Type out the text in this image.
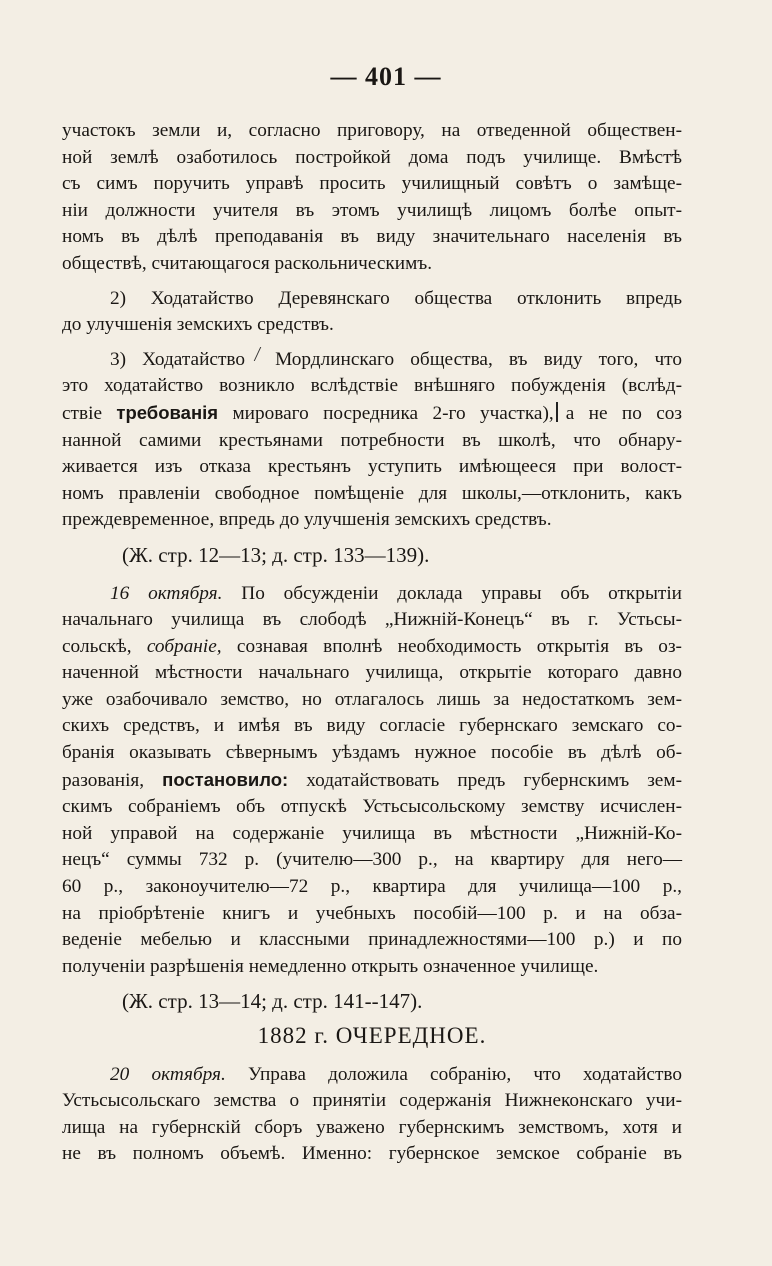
— 401 —
участокъ земли и, согласно приговору, на отведенной обществен-
ной землѣ озаботилось постройкой дома подъ училище. Вмѣстѣ
съ симъ поручить управѣ просить училищный совѣтъ о замѣще-
ніи должности учителя въ этомъ училищѣ лицомъ болѣе опыт-
номъ въ дѣлѣ преподаванія въ виду значительнаго населенія въ
обществѣ, считающагося раскольническимъ.
2) Ходатайство Деревянскаго общества отклонить впредь
до улучшенія земскихъ средствъ.
3) Ходатайство Мордлинскаго общества, въ виду того, что
это ходатайство возникло вслѣдствіе внѣшняго побужденія (вслѣд-
ствіе требованія мироваго посредника 2-го участка), а не по соз
нанной самими крестьянами потребности въ школѣ, что обнару-
живается изъ отказа крестьянъ уступить имѣющееся при волост-
номъ правленіи свободное помѣщеніе для школы,—отклонить, какъ
преждевременное, впредь до улучшенія земскихъ средствъ.
(Ж. стр. 12—13; д. стр. 133—139).
16 октября. По обсужденіи доклада управы объ открытіи
начальнаго училища въ слободѣ „Нижній-Конецъ“ въ г. Устьсы-
сольскѣ, собраніе, сознавая вполнѣ необходимость открытія въ оз-
наченной мѣстности начальнаго училища, открытіе котораго давно
уже озабочивало земство, но отлагалось лишь за недостаткомъ зем-
скихъ средствъ, и имѣя въ виду согласіе губернскаго земскаго со-
бранія оказывать сѣвернымъ уѣздамъ нужное пособіе въ дѣлѣ об-
разованія, постановило: ходатайствовать предъ губернскимъ зем-
скимъ собраніемъ объ отпускѣ Устьсысольскому земству исчислен-
ной управой на содержаніе училища въ мѣстности „Нижній-Ко-
нецъ“ суммы 732 р. (учителю—300 р., на квартиру для него—
60 р., законоучителю—72 р., квартира для училища—100 р.,
на пріобрѣтеніе книгъ и учебныхъ пособій—100 р. и на обза-
веденіе мебелью и классными принадлежностями—100 р.) и по
полученіи разрѣшенія немедленно открыть означенное училище.
(Ж. стр. 13—14; д. стр. 141--147).
1882 г. ОЧЕРЕДНОЕ.
20 октября. Управа доложила собранію, что ходатайство
Устьсысольскаго земства о принятіи содержанія Нижнеконскаго учи-
лища на губернскій сборъ уважено губернскимъ земствомъ, хотя и
не въ полномъ объемѣ. Именно: губернское земское собраніе въ
